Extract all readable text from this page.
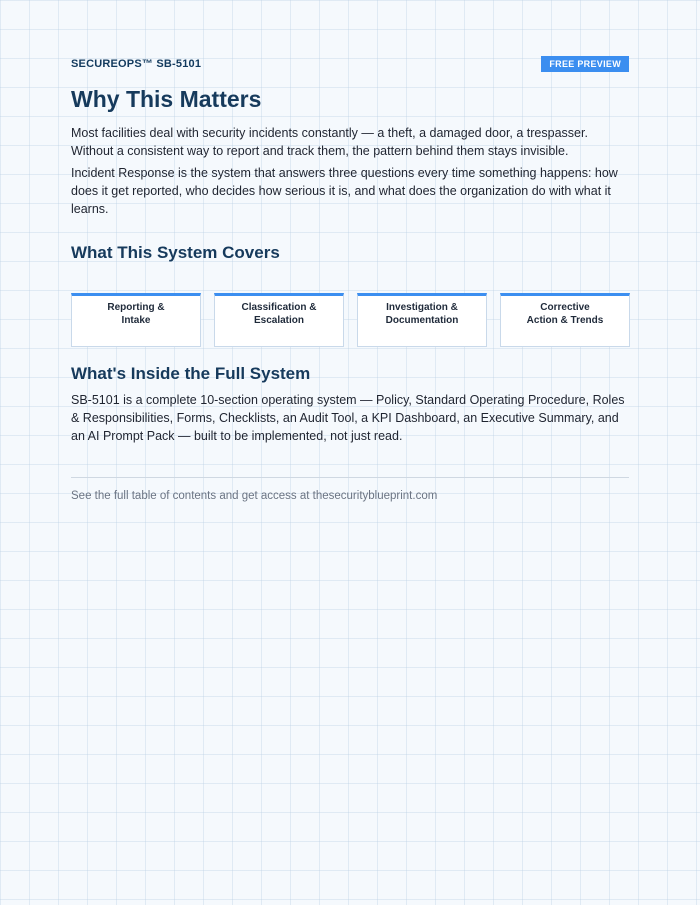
SECUREOPS™ SB-5101	FREE PREVIEW
Why This Matters

Most facilities deal with security incidents constantly — a theft, a damaged door, a trespasser. Without a consistent way to report and track them, the pattern behind them stays invisible.

Incident Response is the system that answers three questions every time something happens: how does it get reported, who decides how serious it is, and what does the organization do with what it learns.

What This System Covers
Reporting &
Intake
Classification &
Escalation
Investigation &
Documentation
Corrective
Action & Trends
What's Inside the Full System

SB-5101 is a complete 10-section operating system — Policy, Standard Operating Procedure, Roles & Responsibilities, Forms, Checklists, an Audit Tool, a KPI Dashboard, an Executive Summary, and an AI Prompt Pack — built to be implemented, not just read.

See the full table of contents and get access at thesecurityblueprint.com
